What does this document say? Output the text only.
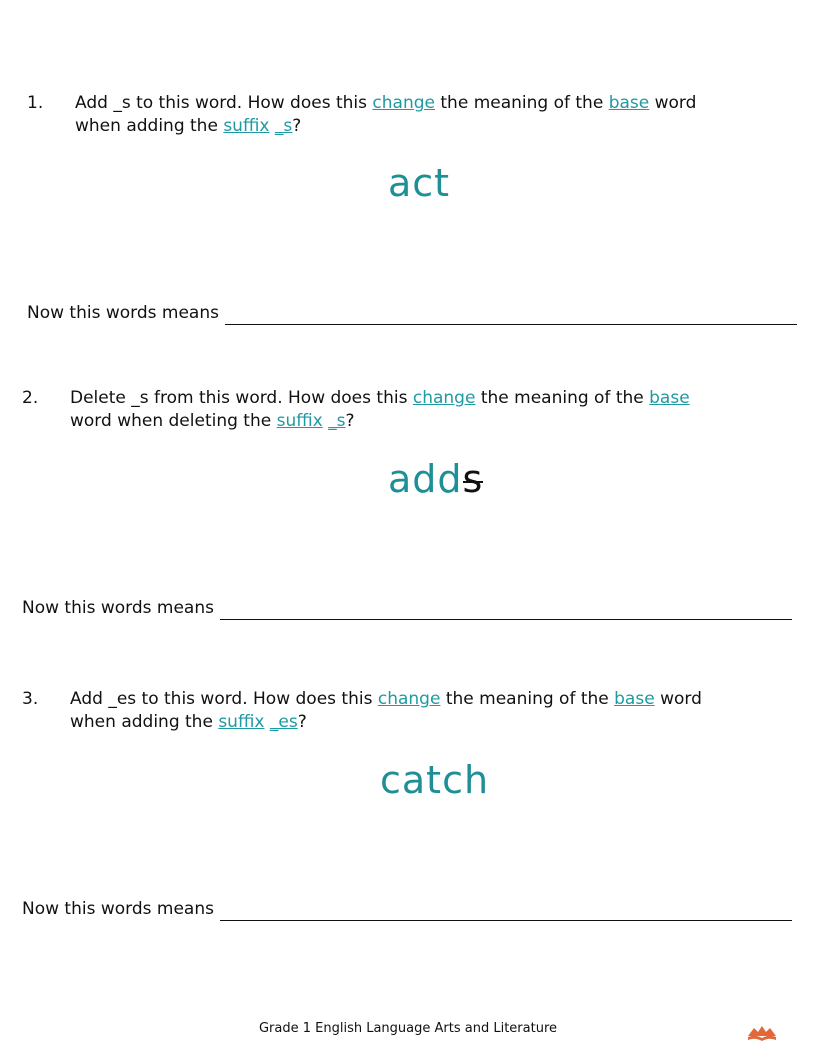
1. Add _s to this word. How does this change the meaning of the base word
when adding the suffix _s?
act
Now this words means
2. Delete _s from this word. How does this change the meaning of the base
word when deleting the suffix _s?
adds
Now this words means
3. Add _es to this word. How does this change the meaning of the base word
when adding the suffix _es?
catch
Now this words means
Grade 1 English Language Arts and Literature
